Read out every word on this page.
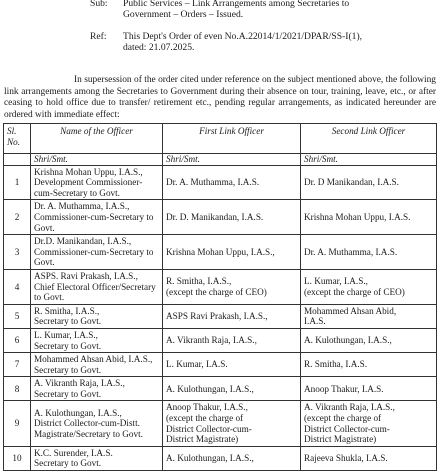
Sub:	Public Services – Link Arrangements among Secretaries to
Government – Orders – Issued.
Ref:	This Dept's Order of even No.A.22014/1/2021/DPAR/SS-I(1),
dated: 21.07.2025.
In supersession of the order cited under reference on the subject mentioned above, the following link arrangements among the Secretaries to Government during their absence on tour, training, leave, etc., or after ceasing to hold office due to transfer/ retirement etc., pending regular arrangements, as indicated hereunder are ordered with immediate effect:
Sl.
No.	Name of the Officer	First Link Officer	Second Link Officer
	Shri/Smt.	Shri/Smt.	Shri/Smt.
1	Krishna Mohan Uppu, I.A.S.,
Development Commissioner-
cum-Secretary to Govt.	Dr. A. Muthamma, I.A.S.	Dr. D Manikandan, I.A.S.

2	Dr. A. Muthamma, I.A.S.,
Commissioner-cum-Secretary to
Govt.	Dr. D. Manikandan, I.A.S.	Krishna Mohan Uppu, I.A.S.

3	Dr.D. Manikandan, I.A.S.,
Commissioner-cum-Secretary to
Govt.	Krishna Mohan Uppu, I.A.S.,	Dr. A. Muthamma, I.A.S.

4	ASPS. Ravi Prakash, I.A.S.,
Chief Electoral Officer/Secretary
to Govt.	R. Smitha, I.A.S.,
(except the charge of CEO)	L. Kumar, I.A.S.,
(except the charge of CEO)

5	R. Smitha, I.A.S.,
Secretary to Govt.	ASPS Ravi Prakash, I.A.S.,	Mohammed Ahsan Abid,
I.A.S.

6	L. Kumar, I.A.S.,
Secretary to Govt.	A. Vikranth Raja, I.A.S.,	A. Kulothungan, I.A.S.,

7	Mohammed Ahsan Abid, I.A.S.,
Secretary to Govt.	L. Kumar, I.A.S.	R. Smitha, I.A.S.

8	A. Vikranth Raja, I.A.S.,
Secretary to Govt.	A. Kulothungan, I.A.S.,	Anoop Thakur, I.A.S.

9	A. Kulothungan, I.A.S.,
District Collector-cum-Distt.
Magistrate/Secretary to Govt.	Anoop Thakur, I.A.S.,
(except the charge of
District Collector-cum-
District Magistrate)	A. Vikranth Raja, I.A.S.,
(except the charge of
District Collector-cum-
District Magistrate)

10	K.C. Surender, I.A.S.
Secretary to Govt.	A. Kulothungan, I.A.S.,	Rajeeva Shukla, I.A.S.
